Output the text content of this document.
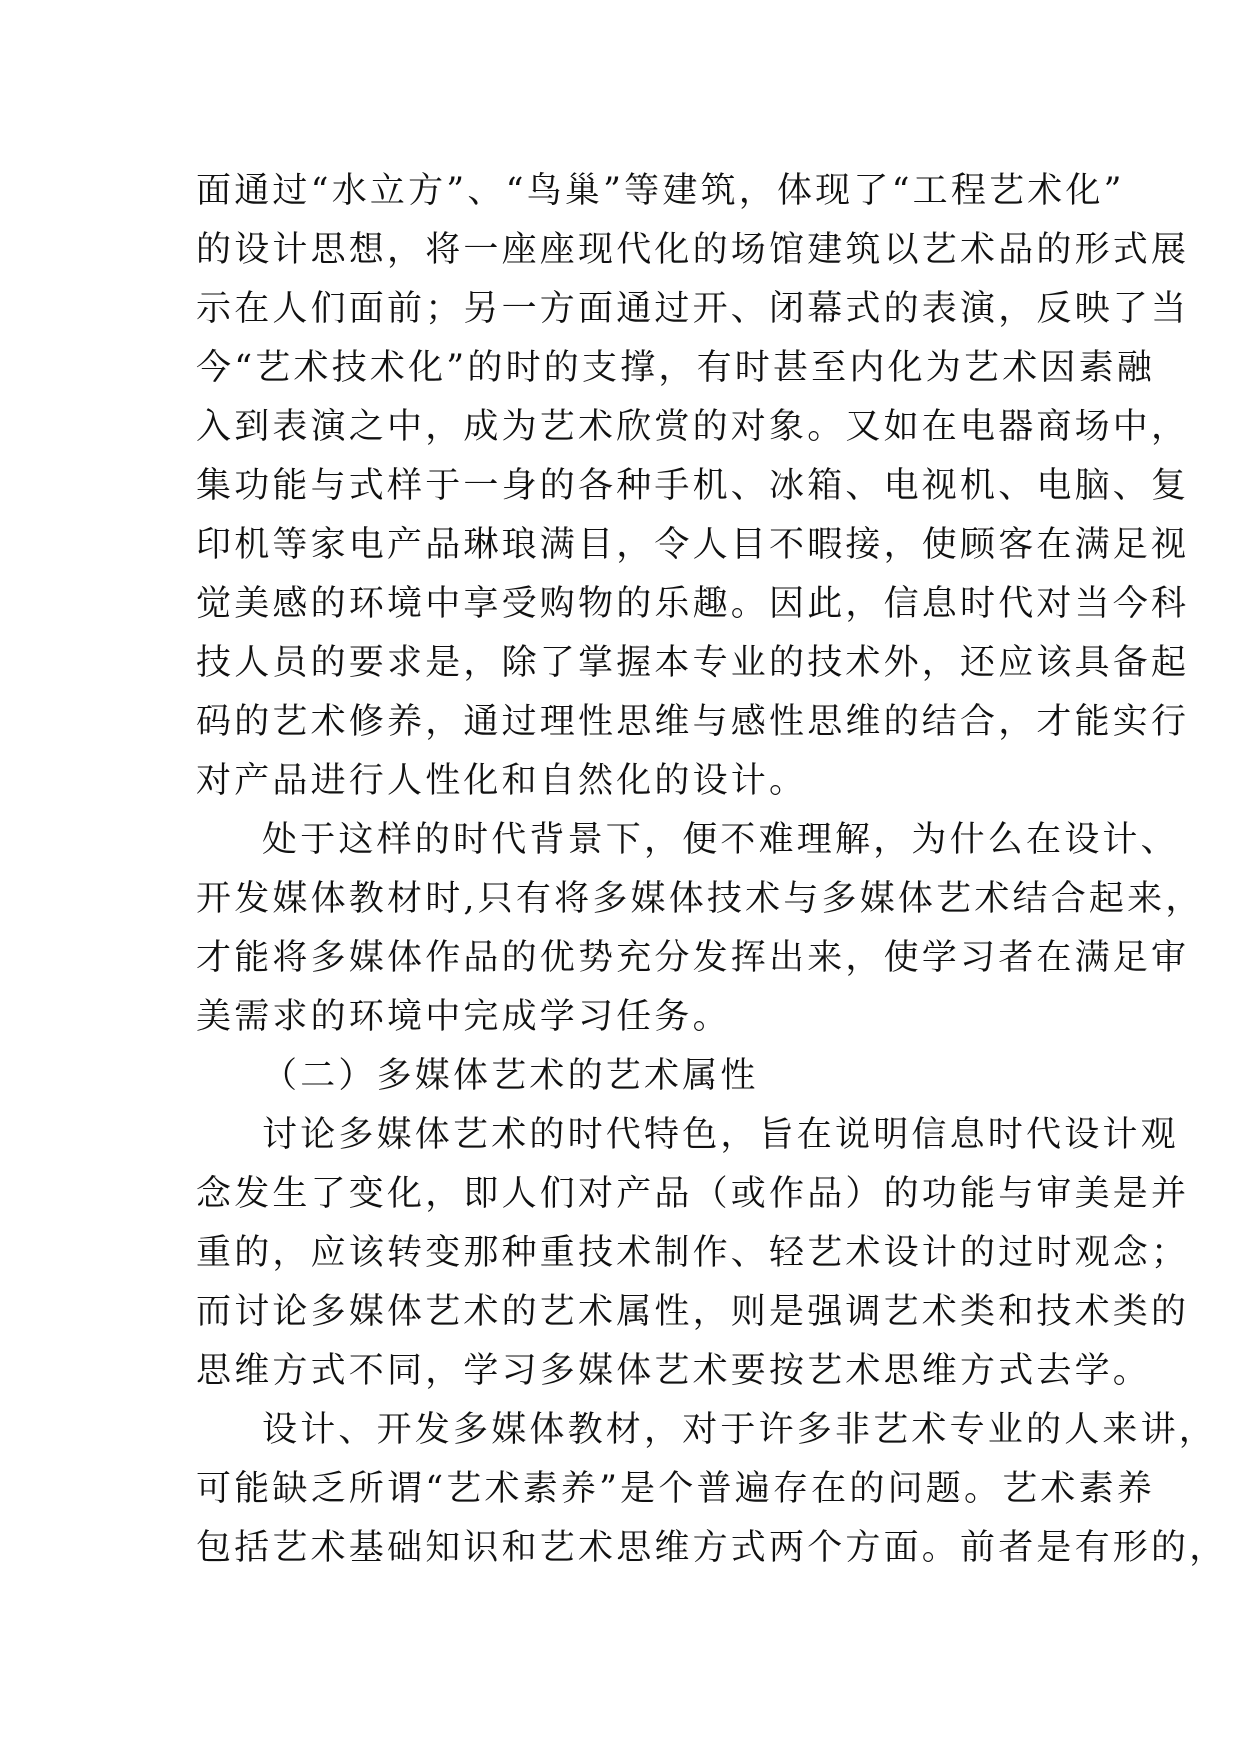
面通过“水立方”、“鸟巢”等建筑，体现了“工程艺术化”
的设计思想，将一座座现代化的场馆建筑以艺术品的形式展
示在人们面前；另一方面通过开、闭幕式的表演，反映了当
今“艺术技术化”的时的支撑，有时甚至内化为艺术因素融
入到表演之中，成为艺术欣赏的对象。又如在电器商场中，
集功能与式样于一身的各种手机、冰箱、电视机、电脑、复
印机等家电产品琳琅满目，令人目不暇接，使顾客在满足视
觉美感的环境中享受购物的乐趣。因此，信息时代对当今科
技人员的要求是，除了掌握本专业的技术外，还应该具备起
码的艺术修养，通过理性思维与感性思维的结合，才能实行
对产品进行人性化和自然化的设计。
处于这样的时代背景下，便不难理解，为什么在设计、
开发媒体教材时,只有将多媒体技术与多媒体艺术结合起来，
才能将多媒体作品的优势充分发挥出来，使学习者在满足审
美需求的环境中完成学习任务。
（二）多媒体艺术的艺术属性
讨论多媒体艺术的时代特色，旨在说明信息时代设计观
念发生了变化，即人们对产品（或作品）的功能与审美是并
重的，应该转变那种重技术制作、轻艺术设计的过时观念；
而讨论多媒体艺术的艺术属性，则是强调艺术类和技术类的
思维方式不同，学习多媒体艺术要按艺术思维方式去学。
设计、开发多媒体教材，对于许多非艺术专业的人来讲，
可能缺乏所谓“艺术素养”是个普遍存在的问题。艺术素养
包括艺术基础知识和艺术思维方式两个方面。前者是有形的，
